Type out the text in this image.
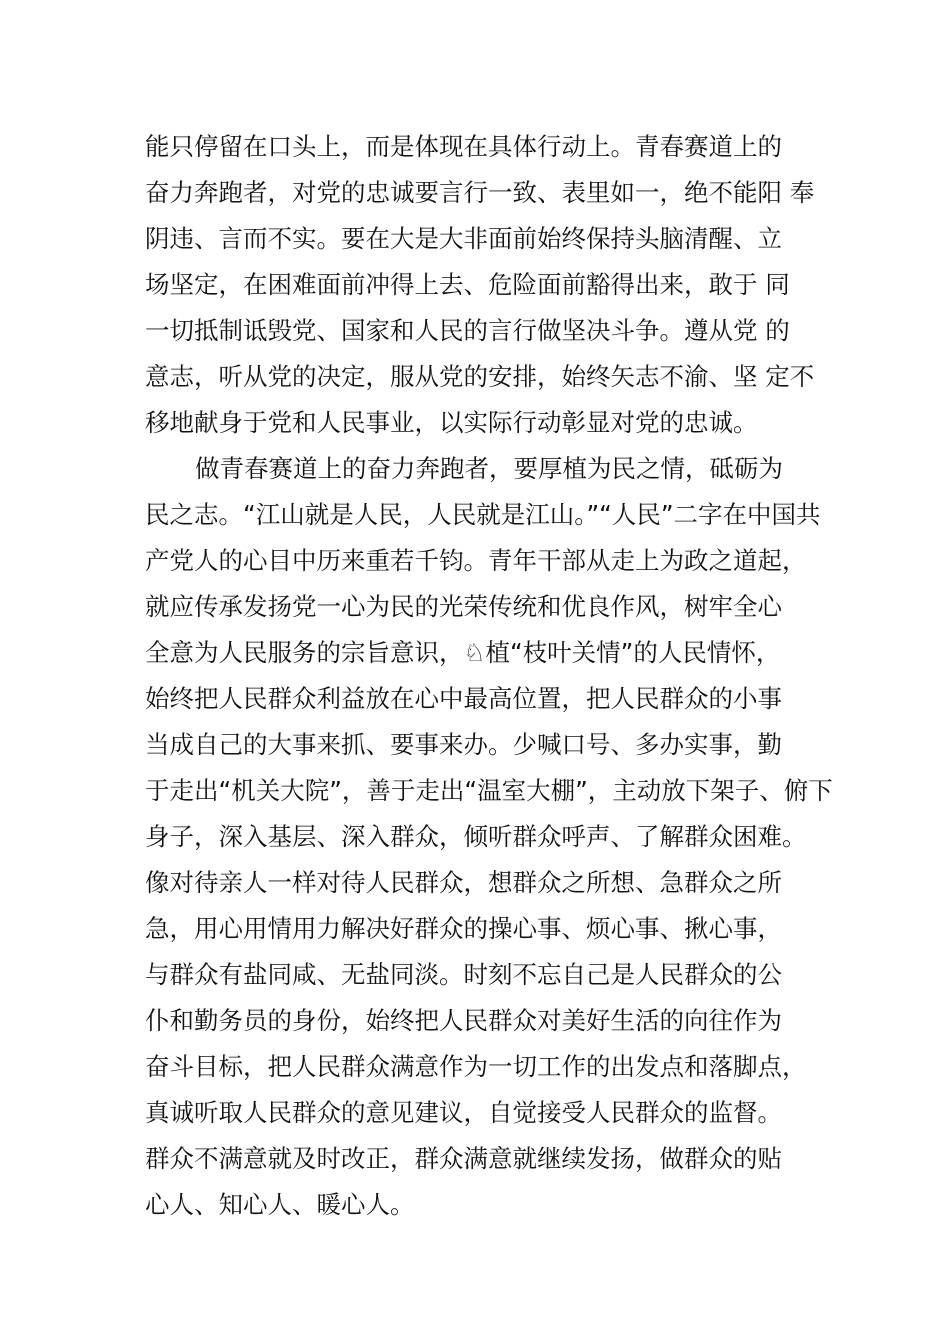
能只停留在口头上，而是体现在具体行动上。青春赛道上的
奋力奔跑者，对党的忠诚要言行一致、表里如一，绝不能阳 奉
阴违、言而不实。要在大是大非面前始终保持头脑清醒、立
场坚定，在困难面前冲得上去、危险面前豁得出来，敢于 同
一切抵制诋毁党、国家和人民的言行做坚决斗争。遵从党 的
意志，听从党的决定，服从党的安排，始终矢志不渝、坚 定不
移地献身于党和人民事业，以实际行动彰显对党的忠诚。
做青春赛道上的奋力奔跑者，要厚植为民之情，砥砺为
民之志。“江山就是人民，人民就是江山。”“人民”二字在中国共
产党人的心目中历来重若千钧。青年干部从走上为政之道起，
就应传承发扬党一心为民的光荣传统和优良作风，树牢全心
全意为人民服务的宗旨意识，♘植“枝叶关情”的人民情怀，
始终把人民群众利益放在心中最高位置，把人民群众的小事
当成自己的大事来抓、要事来办。少喊口号、多办实事，勤
于走出“机关大院”，善于走出“温室大棚”，主动放下架子、俯下
身子，深入基层、深入群众，倾听群众呼声、了解群众困难。
像对待亲人一样对待人民群众，想群众之所想、急群众之所
急，用心用情用力解决好群众的操心事、烦心事、揪心事，
与群众有盐同咸、无盐同淡。时刻不忘自己是人民群众的公
仆和勤务员的身份，始终把人民群众对美好生活的向往作为
奋斗目标，把人民群众满意作为一切工作的出发点和落脚点，
真诚听取人民群众的意见建议，自觉接受人民群众的监督。
群众不满意就及时改正，群众满意就继续发扬，做群众的贴
心人、知心人、暖心人。
